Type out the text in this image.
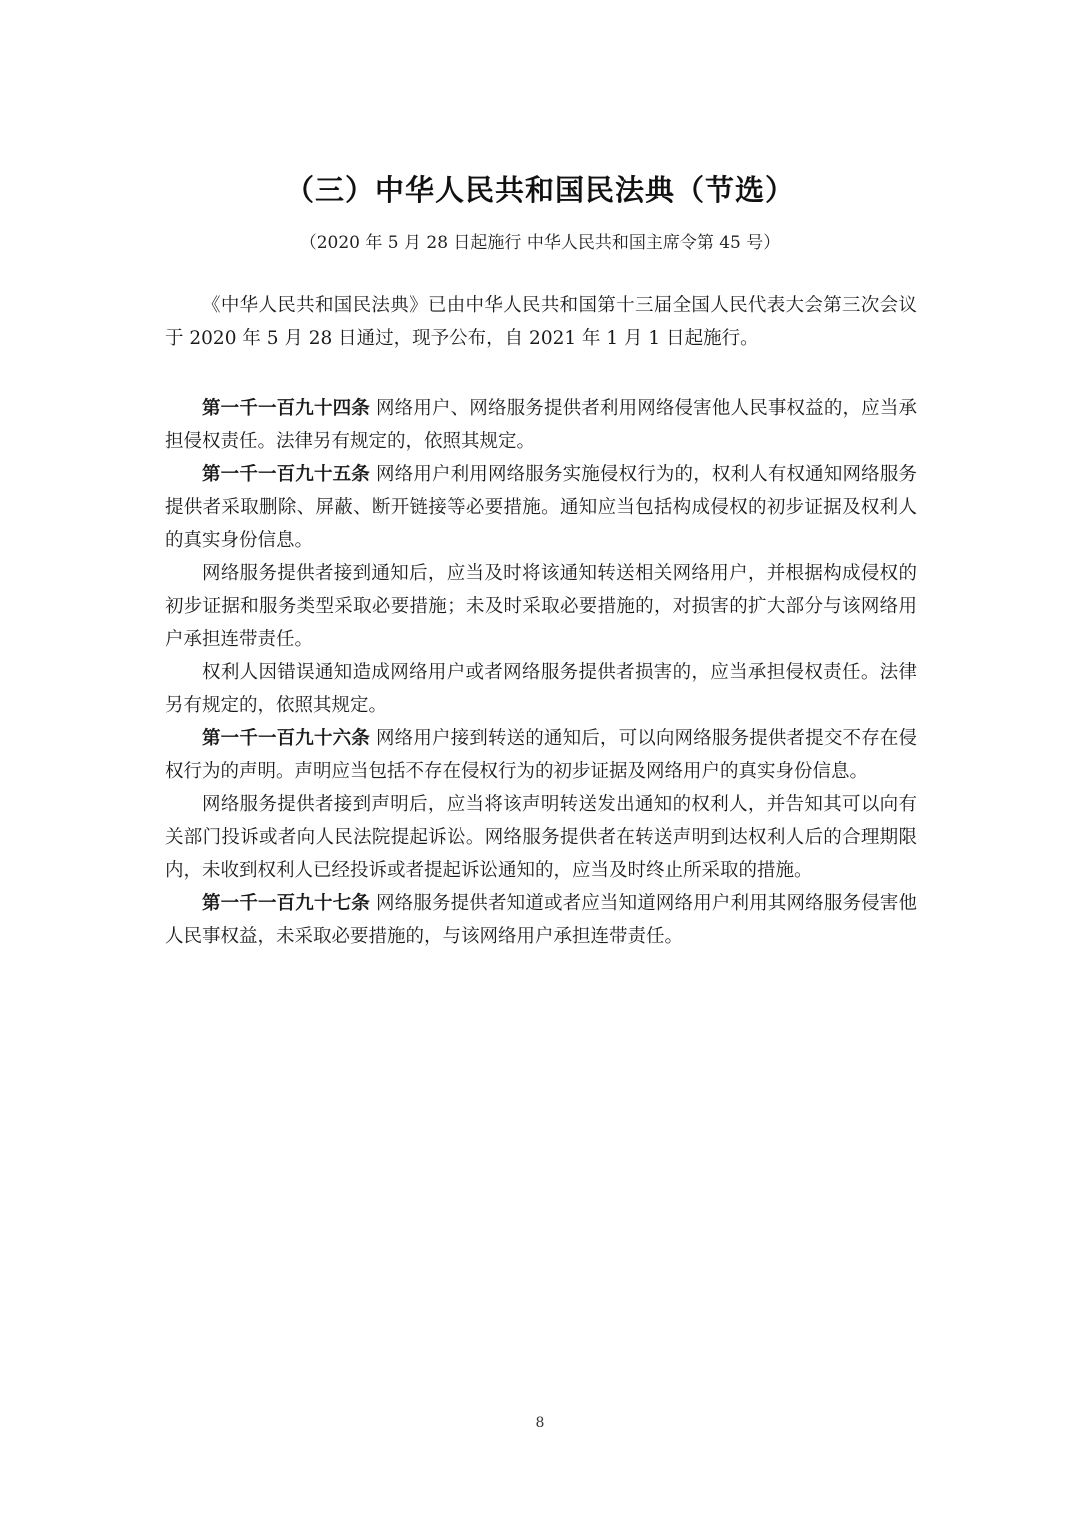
（三）中华人民共和国民法典（节选）
（2020 年 5 月 28 日起施行 中华人民共和国主席令第 45 号）

《中华人民共和国民法典》已由中华人民共和国第十三届全国人民代表大会第三次会议于 2020 年 5 月 28 日通过，现予公布，自 2021 年 1 月 1 日起施行。

第一千一百九十四条 网络用户、网络服务提供者利用网络侵害他人民事权益的，应当承担侵权责任。法律另有规定的，依照其规定。

第一千一百九十五条 网络用户利用网络服务实施侵权行为的，权利人有权通知网络服务提供者采取删除、屏蔽、断开链接等必要措施。通知应当包括构成侵权的初步证据及权利人的真实身份信息。

网络服务提供者接到通知后，应当及时将该通知转送相关网络用户，并根据构成侵权的初步证据和服务类型采取必要措施；未及时采取必要措施的，对损害的扩大部分与该网络用户承担连带责任。

权利人因错误通知造成网络用户或者网络服务提供者损害的，应当承担侵权责任。法律另有规定的，依照其规定。

第一千一百九十六条 网络用户接到转送的通知后，可以向网络服务提供者提交不存在侵权行为的声明。声明应当包括不存在侵权行为的初步证据及网络用户的真实身份信息。

网络服务提供者接到声明后，应当将该声明转送发出通知的权利人，并告知其可以向有关部门投诉或者向人民法院提起诉讼。网络服务提供者在转送声明到达权利人后的合理期限内，未收到权利人已经投诉或者提起诉讼通知的，应当及时终止所采取的措施。

第一千一百九十七条 网络服务提供者知道或者应当知道网络用户利用其网络服务侵害他人民事权益，未采取必要措施的，与该网络用户承担连带责任。

8
